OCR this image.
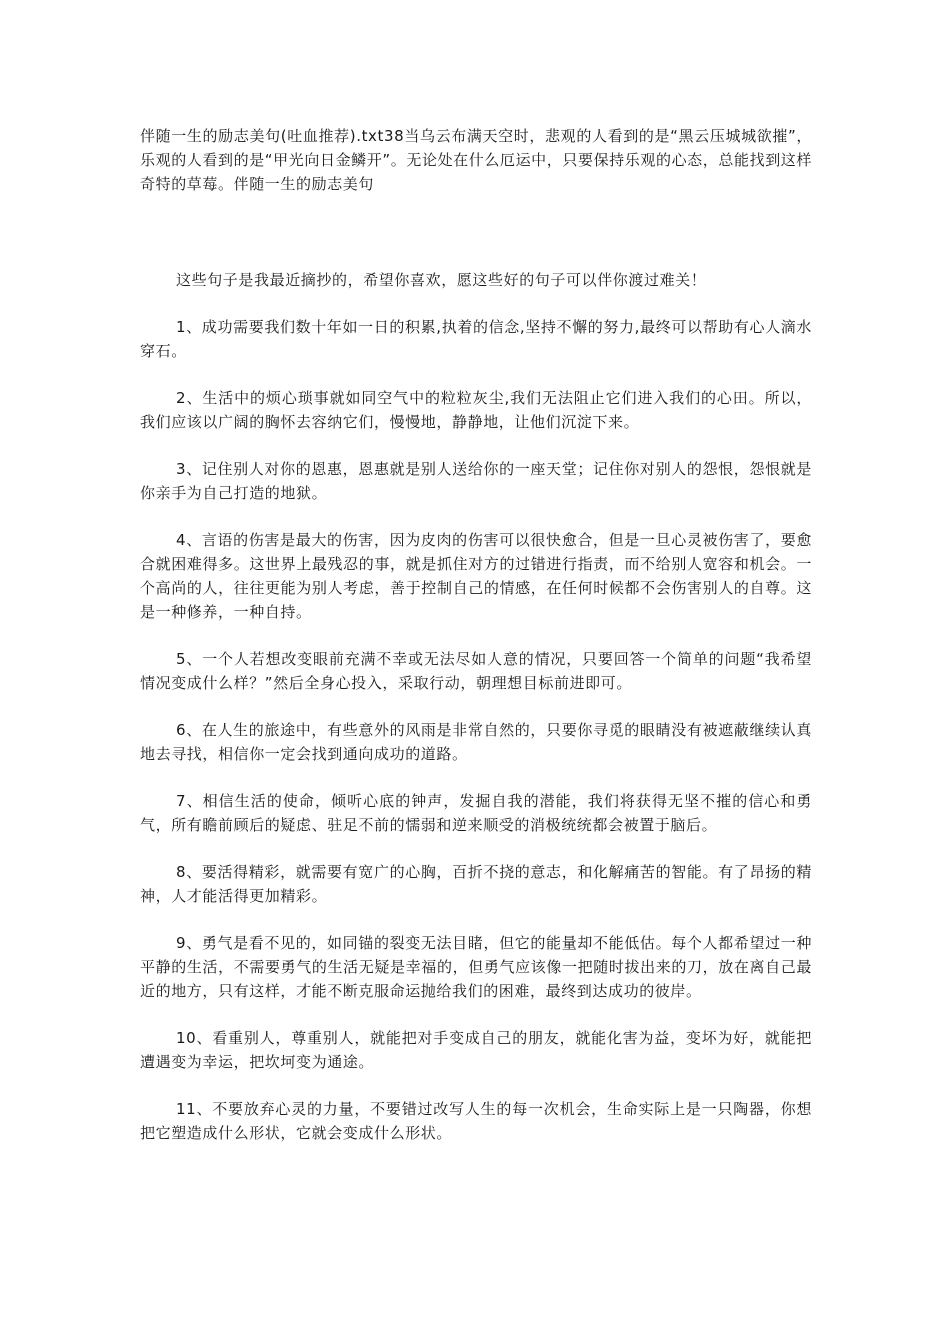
伴随一生的励志美句(吐血推荐).txt38当乌云布满天空时，悲观的人看到的是“黑云压城城欲摧”，乐观的人看到的是“甲光向日金鳞开”。无论处在什么厄运中，只要保持乐观的心态，总能找到这样奇特的草莓。伴随一生的励志美句

这些句子是我最近摘抄的，希望你喜欢，愿这些好的句子可以伴你渡过难关！

1、成功需要我们数十年如一日的积累,执着的信念,坚持不懈的努力,最终可以帮助有心人滴水穿石。

2、生活中的烦心琐事就如同空气中的粒粒灰尘,我们无法阻止它们进入我们的心田。所以，我们应该以广阔的胸怀去容纳它们，慢慢地，静静地，让他们沉淀下来。

3、记住别人对你的恩惠，恩惠就是别人送给你的一座天堂；记住你对别人的怨恨，怨恨就是你亲手为自己打造的地狱。

4、言语的伤害是最大的伤害，因为皮肉的伤害可以很快愈合，但是一旦心灵被伤害了，要愈合就困难得多。这世界上最残忍的事，就是抓住对方的过错进行指责，而不给别人宽容和机会。一个高尚的人，往往更能为别人考虑，善于控制自己的情感，在任何时候都不会伤害别人的自尊。这是一种修养，一种自持。

5、一个人若想改变眼前充满不幸或无法尽如人意的情况，只要回答一个简单的问题“我希望情况变成什么样？”然后全身心投入，采取行动，朝理想目标前进即可。

6、在人生的旅途中，有些意外的风雨是非常自然的，只要你寻觅的眼睛没有被遮蔽继续认真地去寻找，相信你一定会找到通向成功的道路。

7、相信生活的使命，倾听心底的钟声，发掘自我的潜能，我们将获得无坚不摧的信心和勇气，所有瞻前顾后的疑虑、驻足不前的懦弱和逆来顺受的消极统统都会被置于脑后。

8、要活得精彩，就需要有宽广的心胸，百折不挠的意志，和化解痛苦的智能。有了昂扬的精神，人才能活得更加精彩。

9、勇气是看不见的，如同锚的裂变无法目睹，但它的能量却不能低估。每个人都希望过一种平静的生活，不需要勇气的生活无疑是幸福的，但勇气应该像一把随时拔出来的刀，放在离自己最近的地方，只有这样，才能不断克服命运抛给我们的困难，最终到达成功的彼岸。

10、看重别人，尊重别人，就能把对手变成自己的朋友，就能化害为益，变坏为好，就能把遭遇变为幸运，把坎坷变为通途。

11、不要放弃心灵的力量，不要错过改写人生的每一次机会，生命实际上是一只陶器，你想把它塑造成什么形状，它就会变成什么形状。
